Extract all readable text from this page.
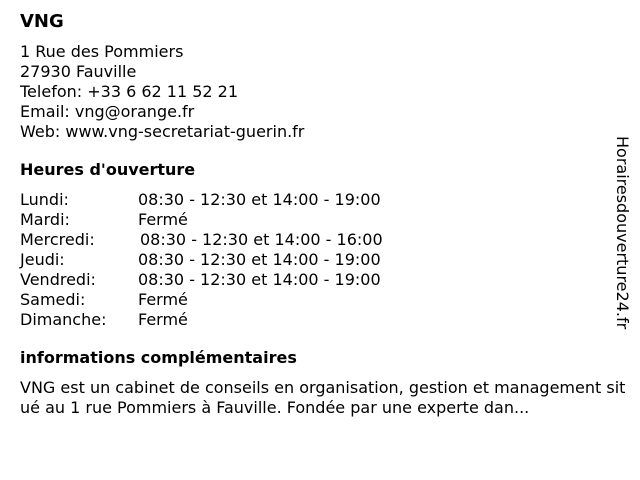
VNG
1 Rue des Pommiers
27930 Fauville
Telefon: +33 6 62 11 52 21
Email: vng@orange.fr
Web: www.vng-secretariat-guerin.fr
Heures d'ouverture
Lundi:	08:30 - 12:30 et 14:00 - 19:00
Mardi:	Fermé
Mercredi:	08:30 - 12:30 et 14:00 - 16:00
Jeudi:	08:30 - 12:30 et 14:00 - 19:00
Vendredi:	08:30 - 12:30 et 14:00 - 19:00
Samedi:	Fermé
Dimanche:	Fermé
informations complémentaires
VNG est un cabinet de conseils en organisation, gestion et management situé au 1 rue Pommiers à Fauville. Fondée par une experte dan...
Horairesdouverture24.fr
